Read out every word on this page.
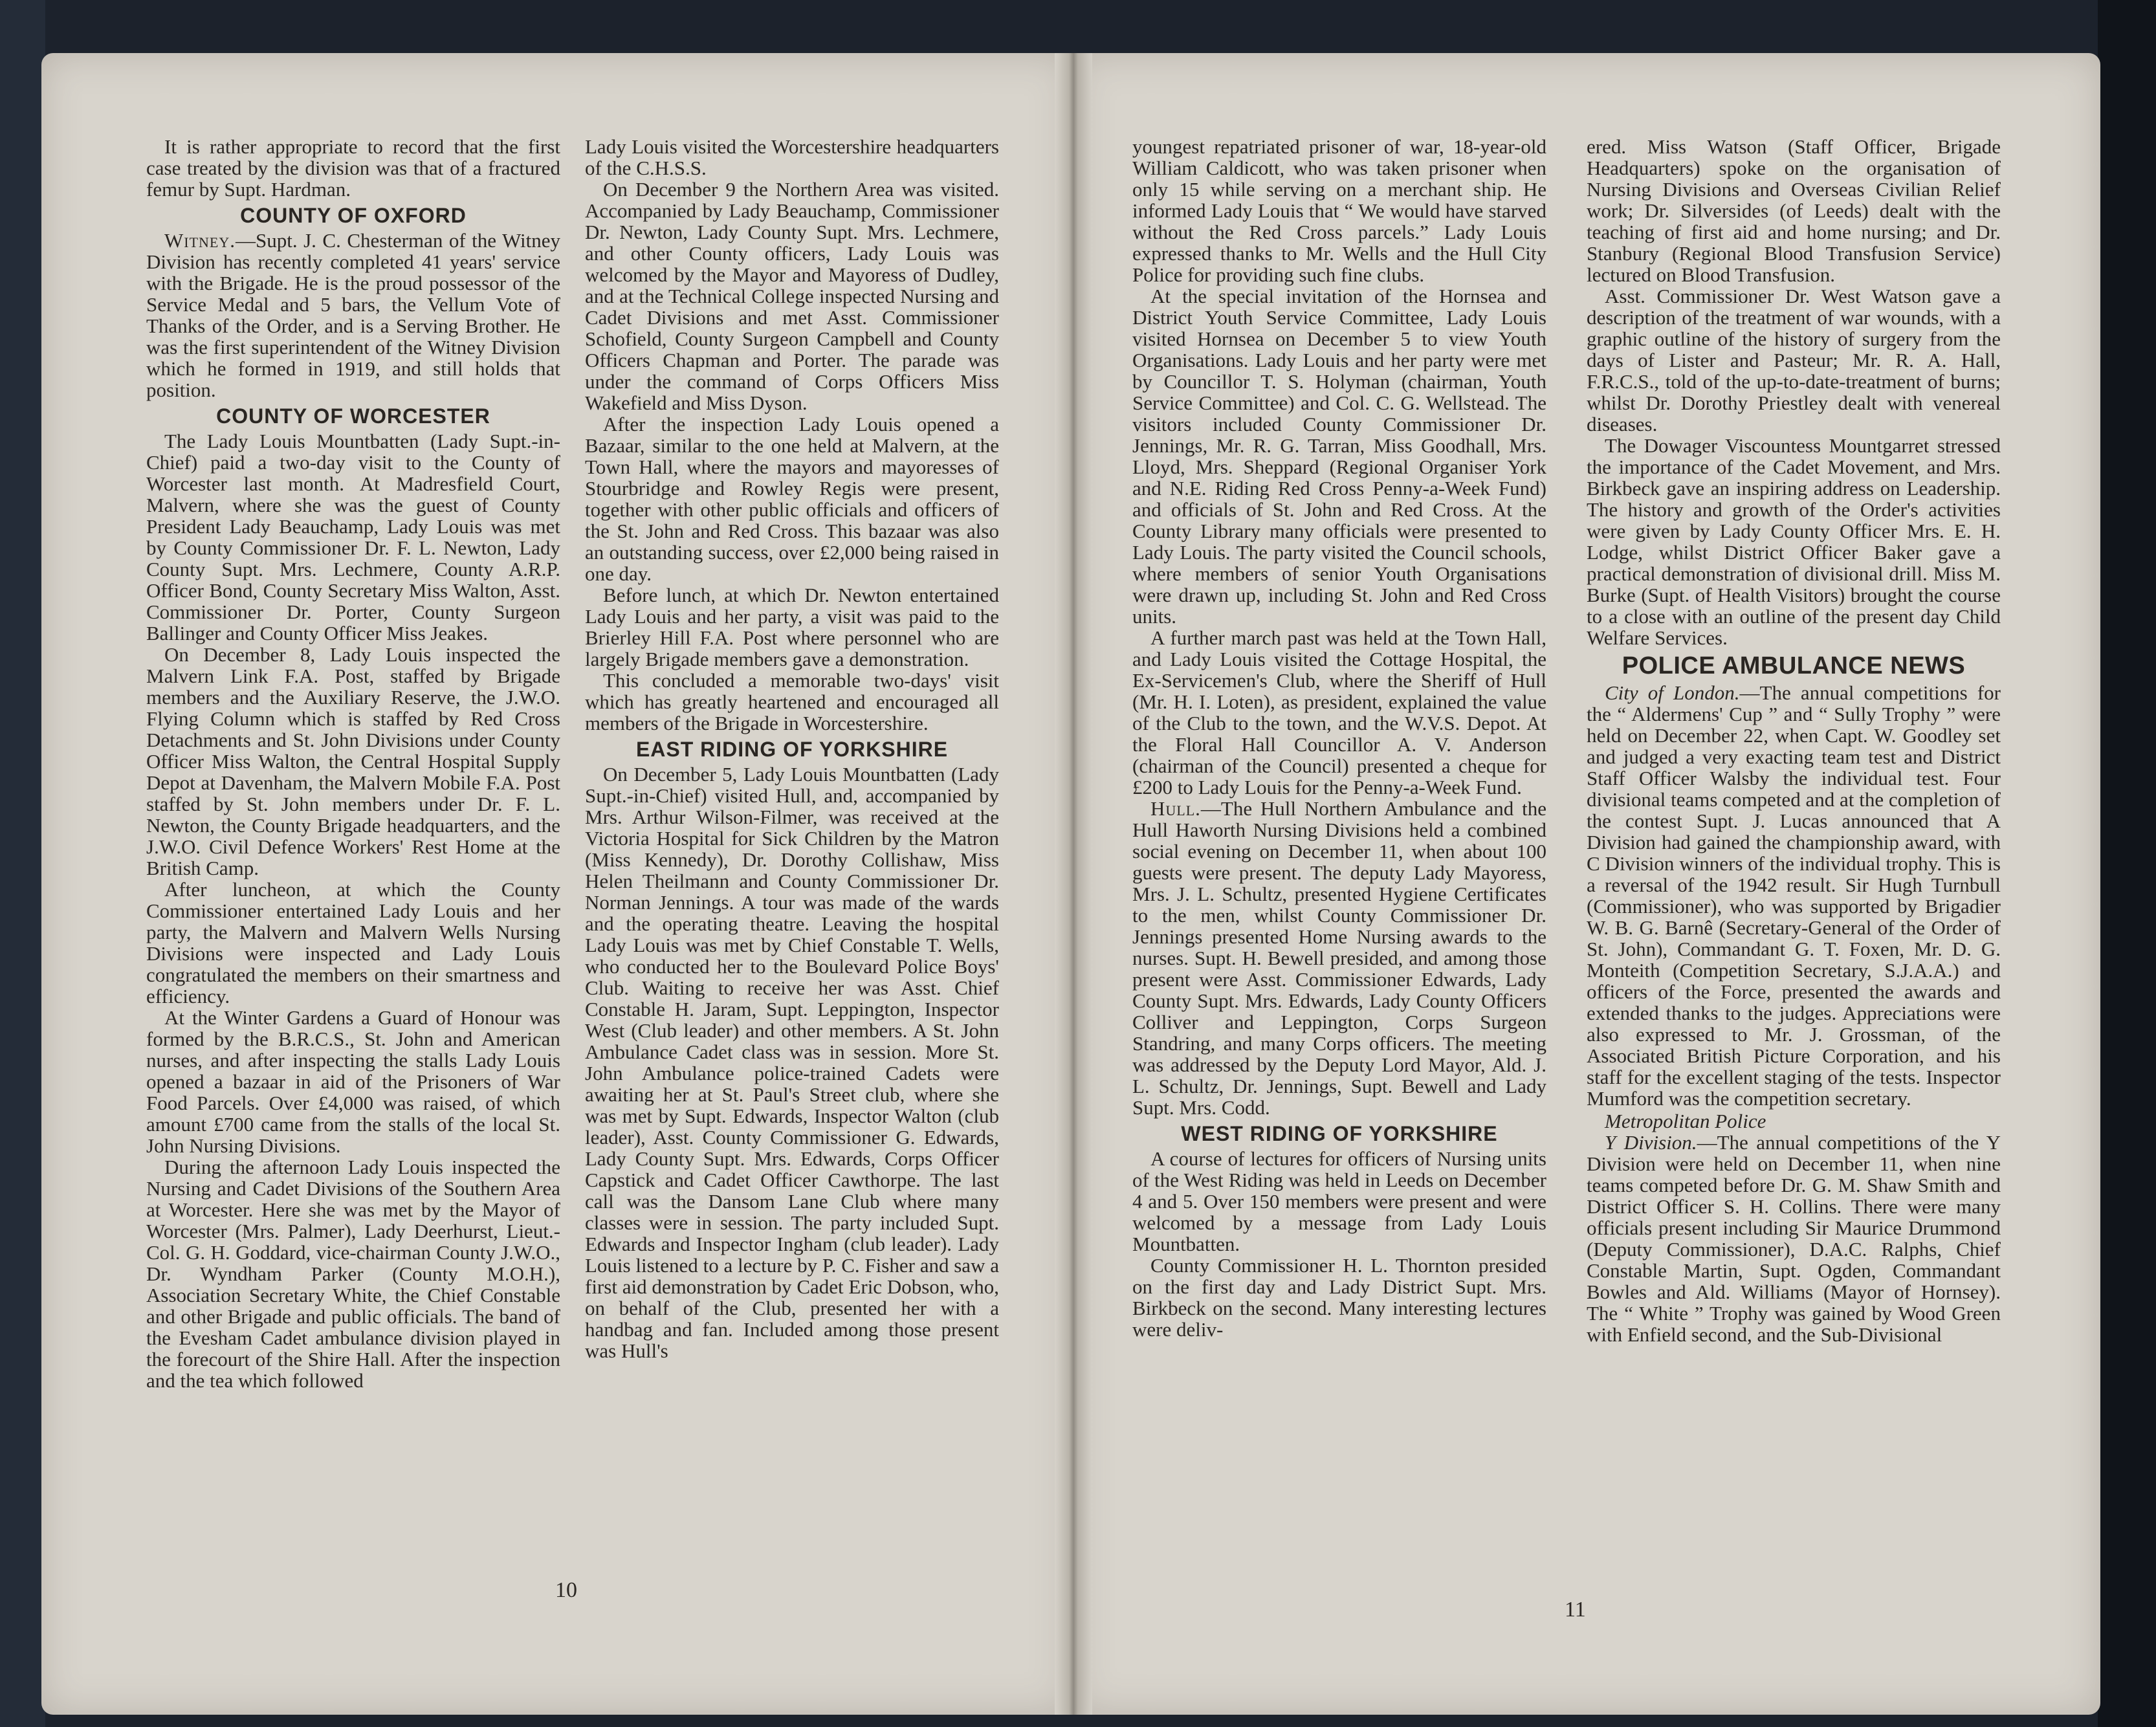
It is rather appropriate to record that the first case treated by the division was that of a fractured femur by Supt. Hardman.

COUNTY OF OXFORD

Witney.—Supt. J. C. Chesterman of the Witney Division has recently completed 41 years' service with the Brigade. He is the proud possessor of the Service Medal and 5 bars, the Vellum Vote of Thanks of the Order, and is a Serving Brother. He was the first superintendent of the Witney Division which he formed in 1919, and still holds that position.

COUNTY OF WORCESTER

The Lady Louis Mountbatten (Lady Supt.-in-Chief) paid a two-day visit to the County of Worcester last month. At Madresfield Court, Malvern, where she was the guest of County President Lady Beauchamp, Lady Louis was met by County Commissioner Dr. F. L. Newton, Lady County Supt. Mrs. Lechmere, County A.R.P. Officer Bond, County Secretary Miss Walton, Asst. Commissioner Dr. Porter, County Surgeon Ballinger and County Officer Miss Jeakes.

On December 8, Lady Louis inspected the Malvern Link F.A. Post, staffed by Brigade members and the Auxiliary Reserve, the J.W.O. Flying Column which is staffed by Red Cross Detachments and St. John Divisions under County Officer Miss Walton, the Central Hospital Supply Depot at Davenham, the Malvern Mobile F.A. Post staffed by St. John members under Dr. F. L. Newton, the County Brigade headquarters, and the J.W.O. Civil Defence Workers' Rest Home at the British Camp.

After luncheon, at which the County Commissioner entertained Lady Louis and her party, the Malvern and Malvern Wells Nursing Divisions were inspected and Lady Louis congratulated the members on their smartness and efficiency.

At the Winter Gardens a Guard of Honour was formed by the B.R.C.S., St. John and American nurses, and after inspecting the stalls Lady Louis opened a bazaar in aid of the Prisoners of War Food Parcels. Over £4,000 was raised, of which amount £700 came from the stalls of the local St. John Nursing Divisions.

During the afternoon Lady Louis inspected the Nursing and Cadet Divisions of the Southern Area at Worcester. Here she was met by the Mayor of Worcester (Mrs. Palmer), Lady Deerhurst, Lieut.-Col. G. H. Goddard, vice-chairman County J.W.O., Dr. Wyndham Parker (County M.O.H.), Association Secretary White, the Chief Constable and other Brigade and public officials. The band of the Evesham Cadet ambulance division played in the forecourt of the Shire Hall. After the inspection and the tea which followed

Lady Louis visited the Worcestershire headquarters of the C.H.S.S.

On December 9 the Northern Area was visited. Accompanied by Lady Beauchamp, Commissioner Dr. Newton, Lady County Supt. Mrs. Lechmere, and other County officers, Lady Louis was welcomed by the Mayor and Mayoress of Dudley, and at the Technical College inspected Nursing and Cadet Divisions and met Asst. Commissioner Schofield, County Surgeon Campbell and County Officers Chapman and Porter. The parade was under the command of Corps Officers Miss Wakefield and Miss Dyson.

After the inspection Lady Louis opened a Bazaar, similar to the one held at Malvern, at the Town Hall, where the mayors and mayoresses of Stourbridge and Rowley Regis were present, together with other public officials and officers of the St. John and Red Cross. This bazaar was also an outstanding success, over £2,000 being raised in one day.

Before lunch, at which Dr. Newton entertained Lady Louis and her party, a visit was paid to the Brierley Hill F.A. Post where personnel who are largely Brigade members gave a demonstration.

This concluded a memorable two-days' visit which has greatly heartened and encouraged all members of the Brigade in Worcestershire.

EAST RIDING OF YORKSHIRE

On December 5, Lady Louis Mountbatten (Lady Supt.-in-Chief) visited Hull, and, accompanied by Mrs. Arthur Wilson-Filmer, was received at the Victoria Hospital for Sick Children by the Matron (Miss Kennedy), Dr. Dorothy Collishaw, Miss Helen Theilmann and County Commissioner Dr. Norman Jennings. A tour was made of the wards and the operating theatre. Leaving the hospital Lady Louis was met by Chief Constable T. Wells, who conducted her to the Boulevard Police Boys' Club. Waiting to receive her was Asst. Chief Constable H. Jaram, Supt. Leppington, Inspector West (Club leader) and other members. A St. John Ambulance Cadet class was in session. More St. John Ambulance police-trained Cadets were awaiting her at St. Paul's Street club, where she was met by Supt. Edwards, Inspector Walton (club leader), Asst. County Commissioner G. Edwards, Lady County Supt. Mrs. Edwards, Corps Officer Capstick and Cadet Officer Cawthorpe. The last call was the Dansom Lane Club where many classes were in session. The party included Supt. Edwards and Inspector Ingham (club leader). Lady Louis listened to a lecture by P. C. Fisher and saw a first aid demonstration by Cadet Eric Dobson, who, on behalf of the Club, presented her with a handbag and fan. Included among those present was Hull's

10

youngest repatriated prisoner of war, 18-year-old William Caldicott, who was taken prisoner when only 15 while serving on a merchant ship. He informed Lady Louis that “ We would have starved without the Red Cross parcels.” Lady Louis expressed thanks to Mr. Wells and the Hull City Police for providing such fine clubs.

At the special invitation of the Hornsea and District Youth Service Committee, Lady Louis visited Hornsea on December 5 to view Youth Organisations. Lady Louis and her party were met by Councillor T. S. Holyman (chairman, Youth Service Committee) and Col. C. G. Wellstead. The visitors included County Commissioner Dr. Jennings, Mr. R. G. Tarran, Miss Goodhall, Mrs. Lloyd, Mrs. Sheppard (Regional Organiser York and N.E. Riding Red Cross Penny-a-Week Fund) and officials of St. John and Red Cross. At the County Library many officials were presented to Lady Louis. The party visited the Council schools, where members of senior Youth Organisations were drawn up, including St. John and Red Cross units.

A further march past was held at the Town Hall, and Lady Louis visited the Cottage Hospital, the Ex-Servicemen's Club, where the Sheriff of Hull (Mr. H. I. Loten), as president, explained the value of the Club to the town, and the W.V.S. Depot. At the Floral Hall Councillor A. V. Anderson (chairman of the Council) presented a cheque for £200 to Lady Louis for the Penny-a-Week Fund.

Hull.—The Hull Northern Ambulance and the Hull Haworth Nursing Divisions held a combined social evening on December 11, when about 100 guests were present. The deputy Lady Mayoress, Mrs. J. L. Schultz, presented Hygiene Certificates to the men, whilst County Commissioner Dr. Jennings presented Home Nursing awards to the nurses. Supt. H. Bewell presided, and among those present were Asst. Commissioner Edwards, Lady County Supt. Mrs. Edwards, Lady County Officers Colliver and Leppington, Corps Surgeon Standring, and many Corps officers. The meeting was addressed by the Deputy Lord Mayor, Ald. J. L. Schultz, Dr. Jennings, Supt. Bewell and Lady Supt. Mrs. Codd.

WEST RIDING OF YORKSHIRE

A course of lectures for officers of Nursing units of the West Riding was held in Leeds on December 4 and 5. Over 150 members were present and were welcomed by a message from Lady Louis Mountbatten.

County Commissioner H. L. Thornton presided on the first day and Lady District Supt. Mrs. Birkbeck on the second. Many interesting lectures were deliv-

ered. Miss Watson (Staff Officer, Brigade Headquarters) spoke on the organisation of Nursing Divisions and Overseas Civilian Relief work; Dr. Silversides (of Leeds) dealt with the teaching of first aid and home nursing; and Dr. Stanbury (Regional Blood Transfusion Service) lectured on Blood Transfusion.

Asst. Commissioner Dr. West Watson gave a description of the treatment of war wounds, with a graphic outline of the history of surgery from the days of Lister and Pasteur; Mr. R. A. Hall, F.R.C.S., told of the up-to-date-treatment of burns; whilst Dr. Dorothy Priestley dealt with venereal diseases.

The Dowager Viscountess Mountgarret stressed the importance of the Cadet Movement, and Mrs. Birkbeck gave an inspiring address on Leadership. The history and growth of the Order's activities were given by Lady County Officer Mrs. E. H. Lodge, whilst District Officer Baker gave a practical demonstration of divisional drill. Miss M. Burke (Supt. of Health Visitors) brought the course to a close with an outline of the present day Child Welfare Services.

POLICE AMBULANCE NEWS

City of London.—The annual competitions for the “ Aldermens' Cup ” and “ Sully Trophy ” were held on December 22, when Capt. W. Goodley set and judged a very exacting team test and District Staff Officer Walsby the individual test. Four divisional teams competed and at the completion of the contest Supt. J. Lucas announced that A Division had gained the championship award, with C Division winners of the individual trophy. This is a reversal of the 1942 result. Sir Hugh Turnbull (Commissioner), who was supported by Brigadier W. B. G. Barnê (Secretary-General of the Order of St. John), Commandant G. T. Foxen, Mr. D. G. Monteith (Competition Secretary, S.J.A.A.) and officers of the Force, presented the awards and extended thanks to the judges. Appreciations were also expressed to Mr. J. Grossman, of the Associated British Picture Corporation, and his staff for the excellent staging of the tests. Inspector Mumford was the competition secretary.

Metropolitan Police

Y Division.—The annual competitions of the Y Division were held on December 11, when nine teams competed before Dr. G. M. Shaw Smith and District Officer S. H. Collins. There were many officials present including Sir Maurice Drummond (Deputy Commissioner), D.A.C. Ralphs, Chief Constable Martin, Supt. Ogden, Commandant Bowles and Ald. Williams (Mayor of Hornsey). The “ White ” Trophy was gained by Wood Green with Enfield second, and the Sub-Divisional

11
